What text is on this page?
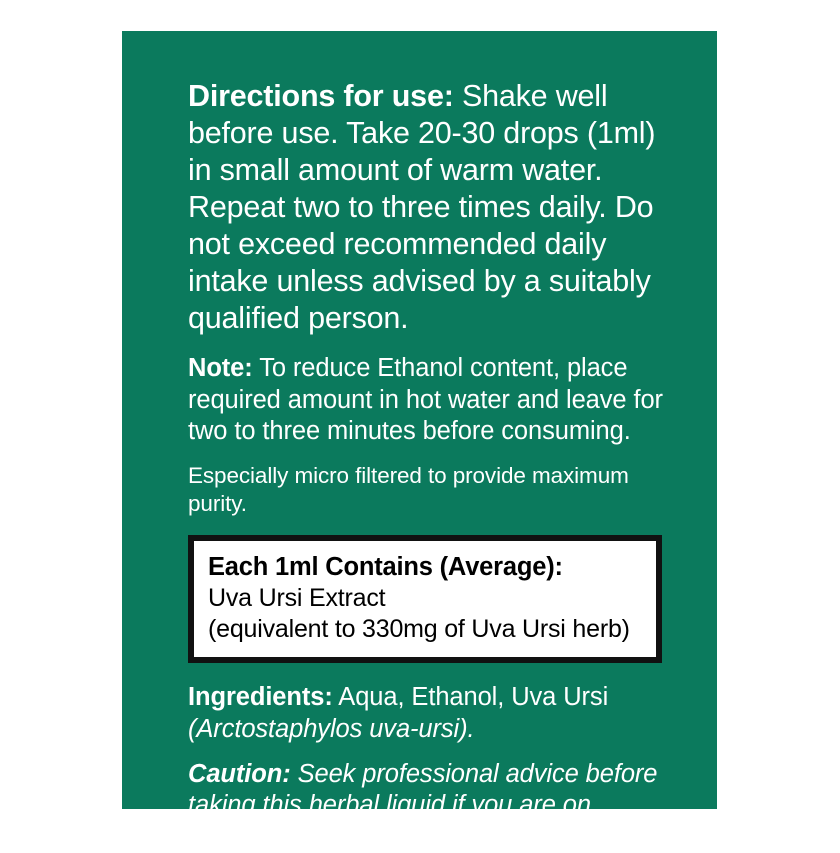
Directions for use: Shake well before use. Take 20-30 drops (1ml) in small amount of warm water. Repeat two to three times daily. Do not exceed recommended daily intake unless advised by a suitably qualified person.

Note: To reduce Ethanol content, place required amount in hot water and leave for two to three minutes before consuming.

Especially micro filtered to provide maximum purity.

Each 1ml Contains (Average):
Uva Ursi Extract
(equivalent to 330mg of Uva Ursi herb)

Ingredients: Aqua, Ethanol, Uva Ursi (Arctostaphylos uva-ursi).

Caution: Seek professional advice before taking this herbal liquid if you are on medication, pregnant or breastfeeding.
